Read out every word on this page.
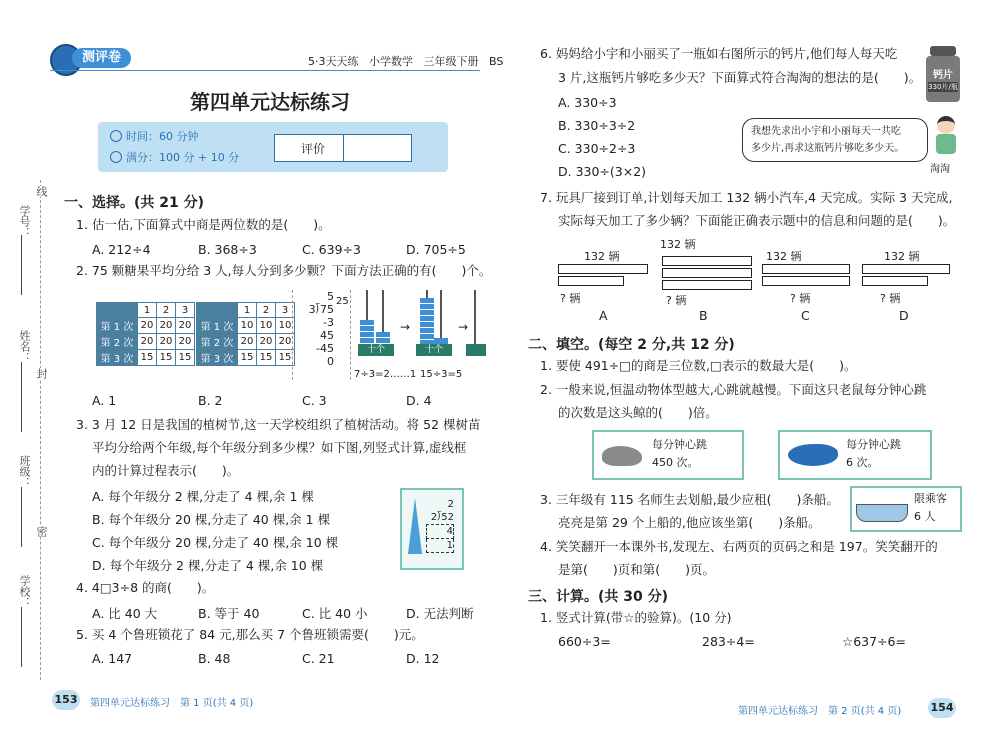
测评卷	5·3天天练 小学数学 三年级下册 BS
第四单元达标练习
时间：60 分钟
满分：100 分 + 10 分
评价
学号：
姓名：
班级：
学校：
线
封
密
一、选择。(共 21 分)
1. 估一估,下面算式中商是两位数的是(　　)。
A. 212÷4	B. 368÷3	C. 639÷3	D. 705÷5
2. 75 颗糖果平均分给 3 人,每人分到多少颗？下面方法正确的有(　　)个。
	1	2	3
第 1 次	20	20	20
第 2 次	20	20	20
第 3 次	15	15	15
	1	2	3
第 1 次	10	10	10
第 2 次	20	20	20
第 3 次	15	15	15
5
3⟌75
-3
45
-45
0
25
十个
→
十个
→
7÷3=2……1 15÷3=5
A. 1	B. 2	C. 3	D. 4
3. 3 月 12 日是我国的植树节,这一天学校组织了植树活动。将 52 棵树苗
平均分给两个年级,每个年级分到多少棵？如下图,列竖式计算,虚线框
内的计算过程表示(　　)。
A. 每个年级分 2 棵,分走了 4 棵,余 1 棵
B. 每个年级分 20 棵,分走了 40 棵,余 1 棵
C. 每个年级分 20 棵,分走了 40 棵,余 10 棵
D. 每个年级分 2 棵,分走了 4 棵,余 10 棵
2
2⟌52
4
1
4. 4□3÷8 的商(　　)。
A. 比 40 大	B. 等于 40	C. 比 40 小	D. 无法判断
5. 买 4 个鲁班锁花了 84 元,那么买 7 个鲁班锁需要(　　)元。
A. 147	B. 48	C. 21	D. 12
153 第四单元达标练习　第 1 页(共 4 页)
6. 妈妈给小宇和小丽买了一瓶如右图所示的钙片,他们每人每天吃
3 片,这瓶钙片够吃多少天？下面算式符合淘淘的想法的是(　　)。	钙片
330片/瓶
我想先求出小宇和小丽每天一共吃
多少片,再求这瓶钙片够吃多少天。
淘淘
A. 330÷3
B. 330÷3÷2
C. 330÷2÷3
D. 330÷(3×2)
7. 玩具厂接到订单,计划每天加工 132 辆小汽车,4 天完成。实际 3 天完成,
实际每天加工了多少辆？下面能正确表示题中的信息和问题的是(　　)。
132 辆
? 辆
A
132 辆
? 辆
B
132 辆
? 辆
C
132 辆
? 辆
D
二、填空。(每空 2 分,共 12 分)
1. 要使 491÷□的商是三位数,□表示的数最大是(　　)。
2. 一般来说,恒温动物体型越大,心跳就越慢。下面这只老鼠每分钟心跳
的次数是这头鲸的(　　)倍。
每分钟心跳
450 次。
每分钟心跳
6 次。
3. 三年级有 115 名师生去划船,最少应租(　　)条船。
亮亮是第 29 个上船的,他应该坐第(　　)条船。
限乘客
6 人
4. 笑笑翻开一本课外书,发现左、右两页的页码之和是 197。笑笑翻开的
是第(　　)页和第(　　)页。
三、计算。(共 30 分)
1. 竖式计算(带☆的验算)。(10 分)
660÷3=	283÷4=	☆637÷6=
第四单元达标练习　第 2 页(共 4 页)	154
